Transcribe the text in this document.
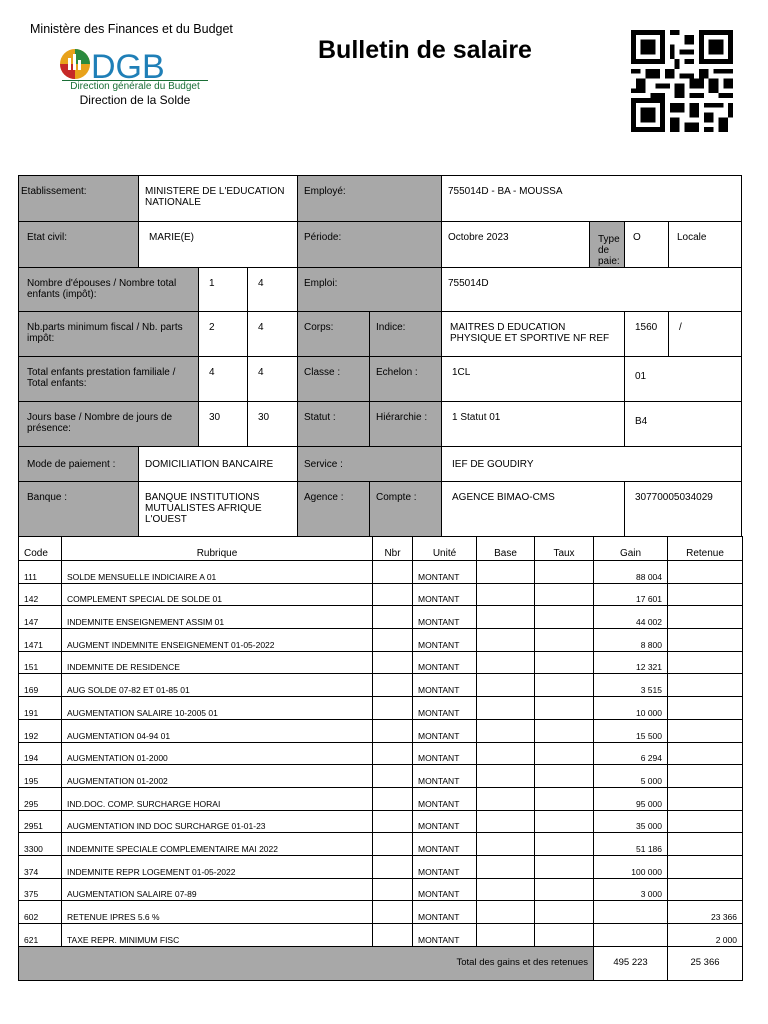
Ministère des Finances et du Budget
DGB
Direction générale du Budget
Direction de la Solde
Bulletin de salaire
Etablissement:	MINISTERE DE L'EDUCATION NATIONALE
Employé:	755014D - BA - MOUSSA
Etat civil:	MARIE(E)	Période:	Octobre 2023	Type de paie:
O	Locale
Nombre d'épouses / Nombre total enfants (impôt):
1	4	Emploi:	755014D
Nb.parts minimum fiscal / Nb. parts impôt:
2	4	Corps:	Indice:	MAITRES D EDUCATION PHYSIQUE ET SPORTIVE NF REF
1560	/
Total enfants prestation familiale / Total enfants:
4	4	Classe :	Echelon :	1CL	01
Jours base / Nombre de jours de présence:
30	30	Statut :	Hiérarchie :	1 Statut 01	B4
Mode de paiement :	DOMICILIATION BANCAIRE	Service :	IEF DE GOUDIRY
Banque :	BANQUE INSTITUTIONS MUTUALISTES AFRIQUE L'OUEST
Agence :	Compte :	AGENCE BIMAO-CMS	30770005034029
Code	Rubrique	Nbr	Unité	Base	Taux	Gain	Retenue
111	SOLDE MENSUELLE INDICIAIRE A 01		MONTANT			88 004	
142	COMPLEMENT SPECIAL DE SOLDE 01		MONTANT			17 601	
147	INDEMNITE ENSEIGNEMENT ASSIM 01		MONTANT			44 002	
1471	AUGMENT INDEMNITE ENSEIGNEMENT 01-05-2022		MONTANT			8 800	
151	INDEMNITE DE RESIDENCE		MONTANT			12 321	
169	AUG SOLDE 07-82 ET 01-85 01		MONTANT			3 515	
191	AUGMENTATION SALAIRE 10-2005 01		MONTANT			10 000	
192	AUGMENTATION 04-94 01		MONTANT			15 500	
194	AUGMENTATION 01-2000		MONTANT			6 294	
195	AUGMENTATION 01-2002		MONTANT			5 000	
295	IND.DOC. COMP. SURCHARGE HORAI		MONTANT			95 000	
2951	AUGMENTATION IND DOC SURCHARGE 01-01-23		MONTANT			35 000	
3300	INDEMNITE SPECIALE COMPLEMENTAIRE MAI 2022		MONTANT			51 186	
374	INDEMNITE REPR LOGEMENT 01-05-2022		MONTANT			100 000	
375	AUGMENTATION SALAIRE 07-89		MONTANT			3 000	
602	RETENUE IPRES 5.6 %		MONTANT				23 366
621	TAXE REPR. MINIMUM FISC		MONTANT				2 000
Total des gains et des retenues						495 223	25 366
